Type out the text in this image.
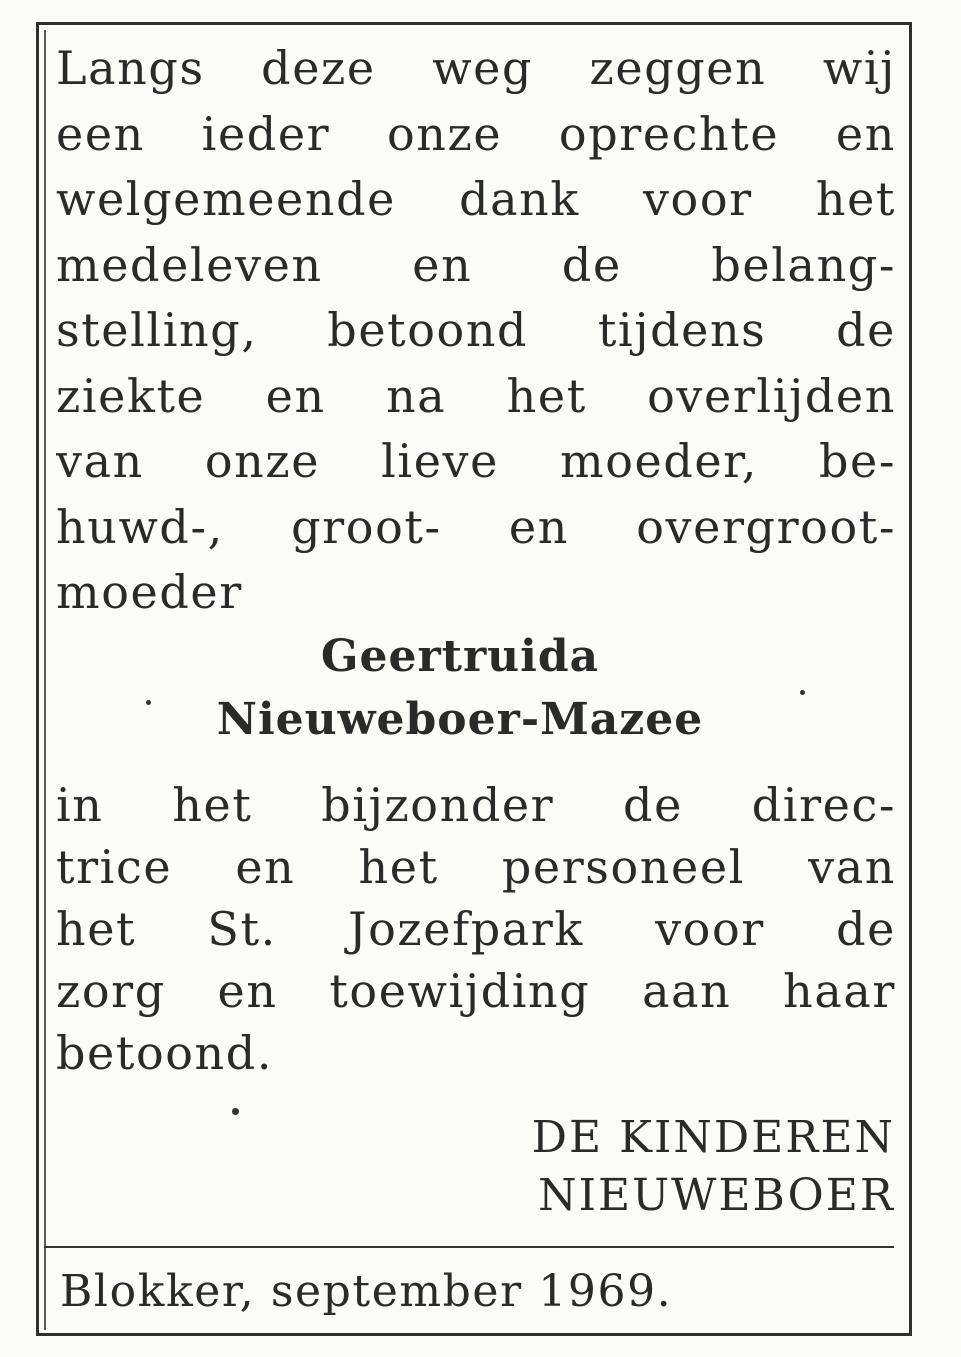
Langs deze weg zeggen wij
een ieder onze oprechte en
welgemeende dank voor het
medeleven en de belang-
stelling, betoond tijdens de
ziekte en na het overlijden
van onze lieve moeder, be-
huwd-, groot- en overgroot-
moeder
Geertruida
Nieuweboer-Mazee
in het bijzonder de direc-
trice en het personeel van
het St. Jozefpark voor de
zorg en toewijding aan haar
betoond.
DE KINDEREN
NIEUWEBOER
Blokker, september 1969.
